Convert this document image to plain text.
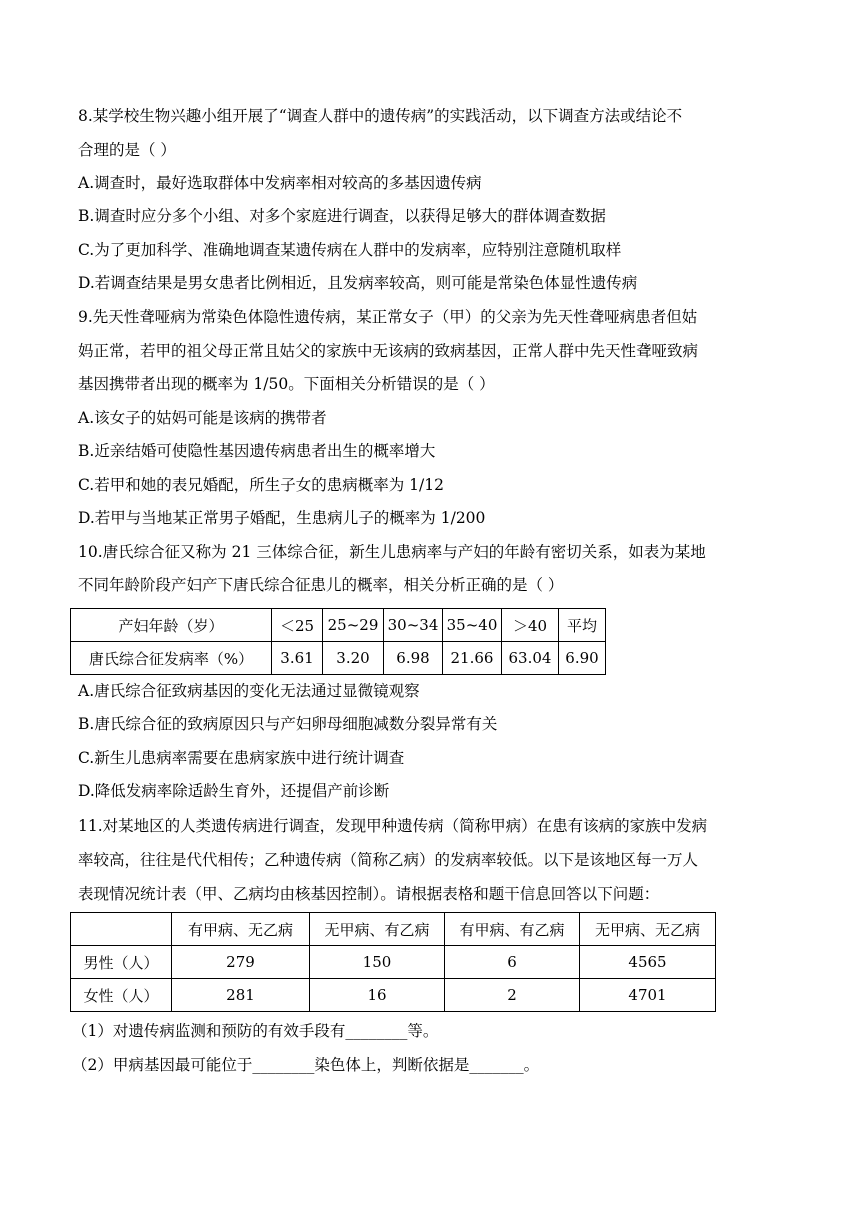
8.某学校生物兴趣小组开展了“调查人群中的遗传病”的实践活动，以下调查方法或结论不
合理的是（ ）
A.调查时，最好选取群体中发病率相对较高的多基因遗传病
B.调查时应分多个小组、对多个家庭进行调查，以获得足够大的群体调查数据
C.为了更加科学、准确地调查某遗传病在人群中的发病率，应特别注意随机取样
D.若调查结果是男女患者比例相近，且发病率较高，则可能是常染色体显性遗传病
9.先天性聋哑病为常染色体隐性遗传病，某正常女子（甲）的父亲为先天性聋哑病患者但姑
妈正常，若甲的祖父母正常且姑父的家族中无该病的致病基因，正常人群中先天性聋哑致病
基因携带者出现的概率为 1/50。下面相关分析错误的是（ ）
A.该女子的姑妈可能是该病的携带者
B.近亲结婚可使隐性基因遗传病患者出生的概率增大
C.若甲和她的表兄婚配，所生子女的患病概率为 1/12
D.若甲与当地某正常男子婚配，生患病儿子的概率为 1/200
10.唐氏综合征又称为 21 三体综合征，新生儿患病率与产妇的年龄有密切关系，如表为某地
不同年龄阶段产妇产下唐氏综合征患儿的概率，相关分析正确的是（ ）
产妇年龄（岁）	＜25	25~29	30~34	35~40	＞40	平均
唐氏综合征发病率（%）	3.61	3.20	6.98	21.66	63.04	6.90
A.唐氏综合征致病基因的变化无法通过显微镜观察
B.唐氏综合征的致病原因只与产妇卵母细胞减数分裂异常有关
C.新生儿患病率需要在患病家族中进行统计调查
D.降低发病率除适龄生育外，还提倡产前诊断
11.对某地区的人类遗传病进行调查，发现甲种遗传病（简称甲病）在患有该病的家族中发病
率较高，往往是代代相传；乙种遗传病（简称乙病）的发病率较低。以下是该地区每一万人
表现情况统计表（甲、乙病均由核基因控制）。请根据表格和题干信息回答以下问题：
	有甲病、无乙病	无甲病、有乙病	有甲病、有乙病	无甲病、无乙病
男性（人）	279	150	6	4565
女性（人）	281	16	2	4701
（1）对遗传病监测和预防的有效手段有________等。
（2）甲病基因最可能位于________染色体上，判断依据是_______。
